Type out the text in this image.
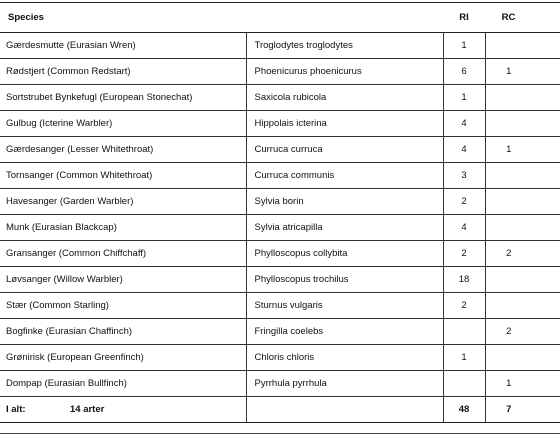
Species		RI	RC
Gærdesmutte (Eurasian Wren)	Troglodytes troglodytes	1	
Rødstjert (Common Redstart)	Phoenicurus phoenicurus	6	1
Sortstrubet Bynkefugl (European Stonechat)	Saxicola rubicola	1	
Gulbug (Icterine Warbler)	Hippolais icterina	4	
Gærdesanger (Lesser Whitethroat)	Curruca curruca	4	1
Tornsanger (Common Whitethroat)	Curruca communis	3	
Havesanger (Garden Warbler)	Sylvia borin	2	
Munk (Eurasian Blackcap)	Sylvia atricapilla	4	
Gransanger (Common Chiffchaff)	Phylloscopus collybita	2	2
Løvsanger (Willow Warbler)	Phylloscopus trochilus	18	
Stær (Common Starling)	Sturnus vulgaris	2	
Bogfinke (Eurasian Chaffinch)	Fringilla coelebs		2
Grønirisk (European Greenfinch)	Chloris chloris	1	
Dompap (Eurasian Bullfinch)	Pyrrhula pyrrhula		1
I alt: 14 arter		48	7
